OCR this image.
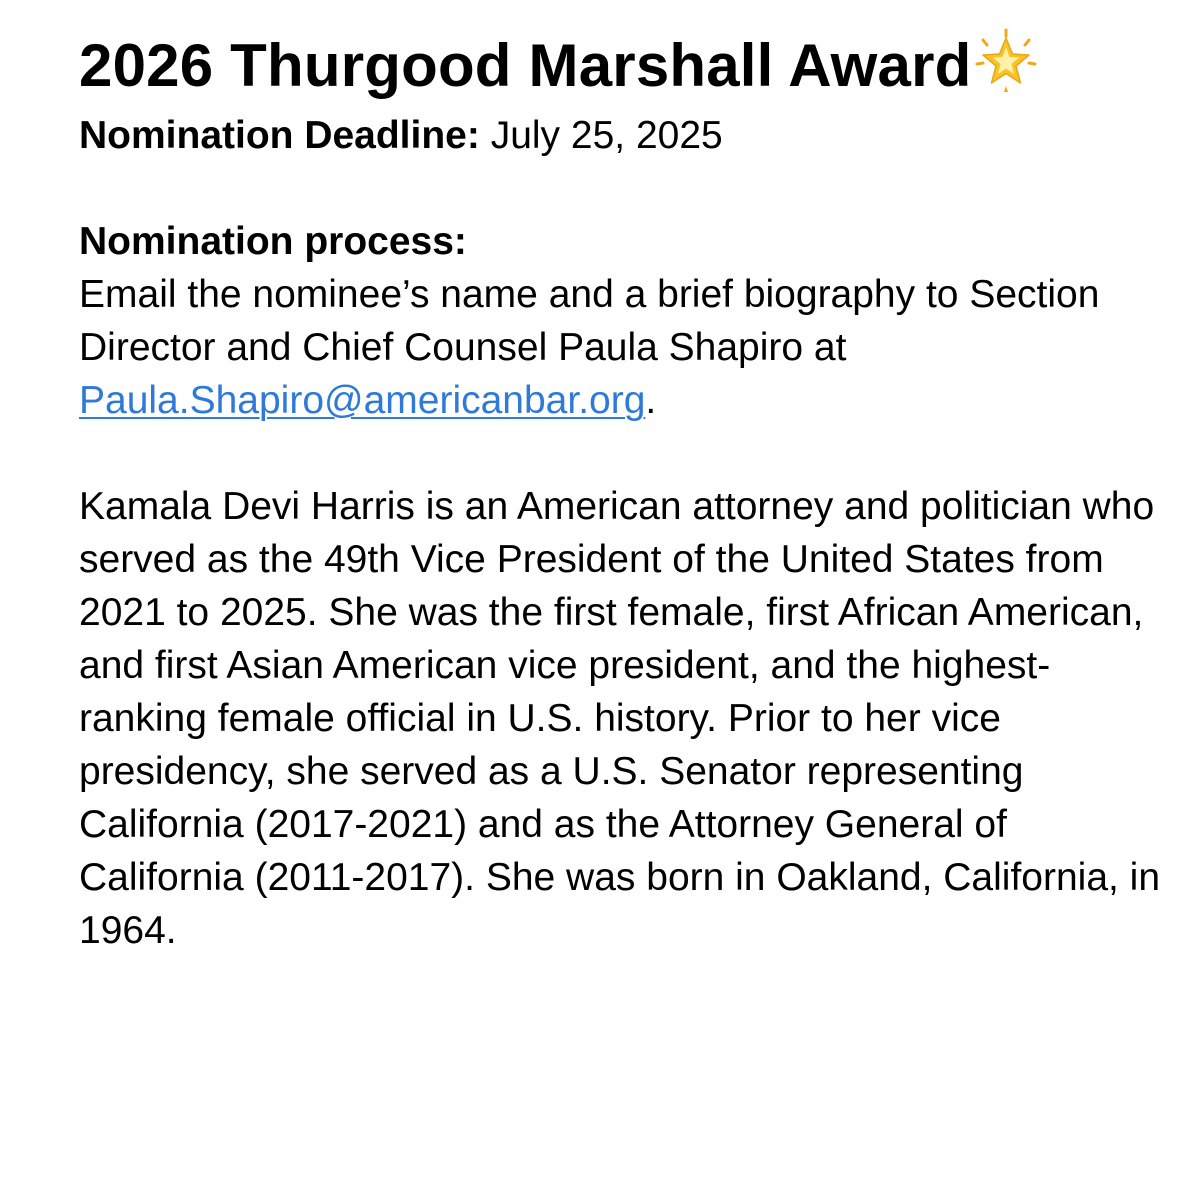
2026 Thurgood Marshall Award

Nomination Deadline: July 25, 2025

Nomination process:

Email the nominee’s name and a brief biography to Section Director and Chief Counsel Paula Shapiro at Paula.Shapiro@americanbar.org.

Kamala Devi Harris is an American attorney and politician who served as the 49th Vice President of the United States from 2021 to 2025. She was the first female, first African American, and first Asian American vice president, and the highest-ranking female official in U.S. history. Prior to her vice presidency, she served as a U.S. Senator representing California (2017-2021) and as the Attorney General of California (2011-2017). She was born in Oakland, California, in 1964.
